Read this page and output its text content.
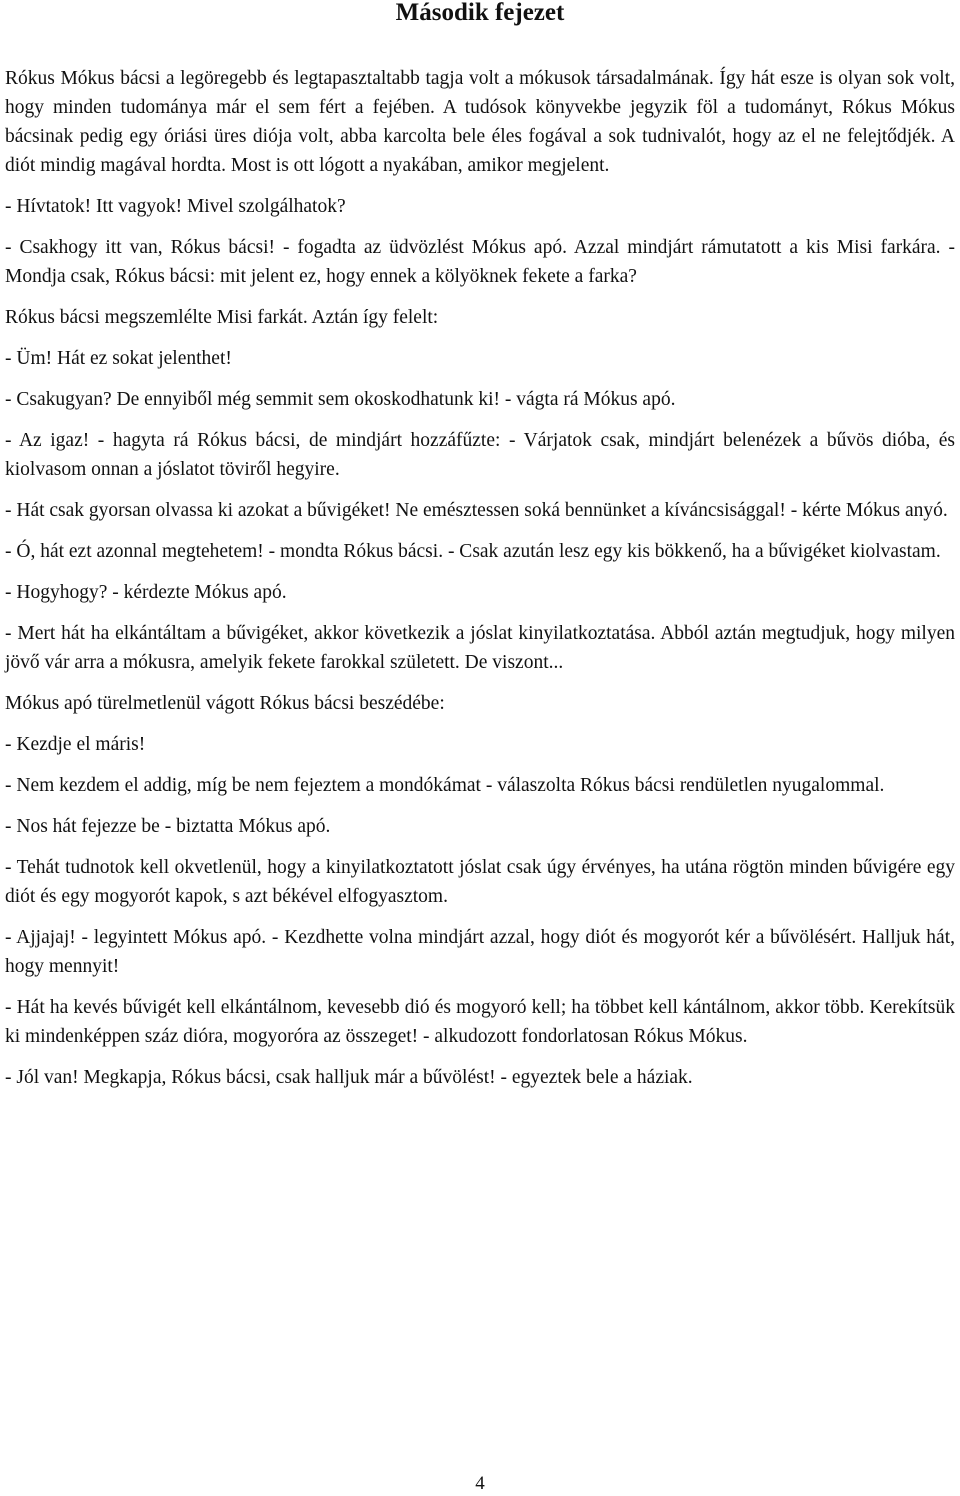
Második fejezet

Rókus Mókus bácsi a legöregebb és legtapasztaltabb tagja volt a mókusok társadalmának. Így hát esze is olyan sok volt, hogy minden tudománya már el sem fért a fejében. A tudósok könyvekbe jegyzik föl a tudományt, Rókus Mókus bácsinak pedig egy óriási üres diója volt, abba karcolta bele éles fogával a sok tudnivalót, hogy az el ne felejtődjék. A diót mindig magával hordta. Most is ott lógott a nyakában, amikor megjelent.

- Hívtatok! Itt vagyok! Mivel szolgálhatok?

- Csakhogy itt van, Rókus bácsi! - fogadta az üdvözlést Mókus apó. Azzal mindjárt rámutatott a kis Misi farkára. - Mondja csak, Rókus bácsi: mit jelent ez, hogy ennek a kölyöknek fekete a farka?

Rókus bácsi megszemlélte Misi farkát. Aztán így felelt:

- Üm! Hát ez sokat jelenthet!

- Csakugyan? De ennyiből még semmit sem okoskodhatunk ki! - vágta rá Mókus apó.

- Az igaz! - hagyta rá Rókus bácsi, de mindjárt hozzáfűzte: - Várjatok csak, mindjárt belenézek a bűvös dióba, és kiolvasom onnan a jóslatot töviről hegyire.

- Hát csak gyorsan olvassa ki azokat a bűvigéket! Ne emésztessen soká bennünket a kíváncsisággal! - kérte Mókus anyó.

- Ó, hát ezt azonnal megtehetem! - mondta Rókus bácsi. - Csak azután lesz egy kis bökkenő, ha a bűvigéket kiolvastam.

- Hogyhogy? - kérdezte Mókus apó.

- Mert hát ha elkántáltam a bűvigéket, akkor következik a jóslat kinyilatkoztatása. Abból aztán megtudjuk, hogy milyen jövő vár arra a mókusra, amelyik fekete farokkal született. De viszont...

Mókus apó türelmetlenül vágott Rókus bácsi beszédébe:

- Kezdje el máris!

- Nem kezdem el addig, míg be nem fejeztem a mondókámat - válaszolta Rókus bácsi rendületlen nyugalommal.

- Nos hát fejezze be - biztatta Mókus apó.

- Tehát tudnotok kell okvetlenül, hogy a kinyilatkoztatott jóslat csak úgy érvényes, ha utána rögtön minden bűvigére egy diót és egy mogyorót kapok, s azt békével elfogyasztom.

- Ajjajaj! - legyintett Mókus apó. - Kezdhette volna mindjárt azzal, hogy diót és mogyorót kér a bűvölésért. Halljuk hát, hogy mennyit!

- Hát ha kevés bűvigét kell elkántálnom, kevesebb dió és mogyoró kell; ha többet kell kántálnom, akkor több. Kerekítsük ki mindenképpen száz dióra, mogyoróra az összeget! - alkudozott fondorlatosan Rókus Mókus.

- Jól van! Megkapja, Rókus bácsi, csak halljuk már a bűvölést! - egyeztek bele a háziak.

4
